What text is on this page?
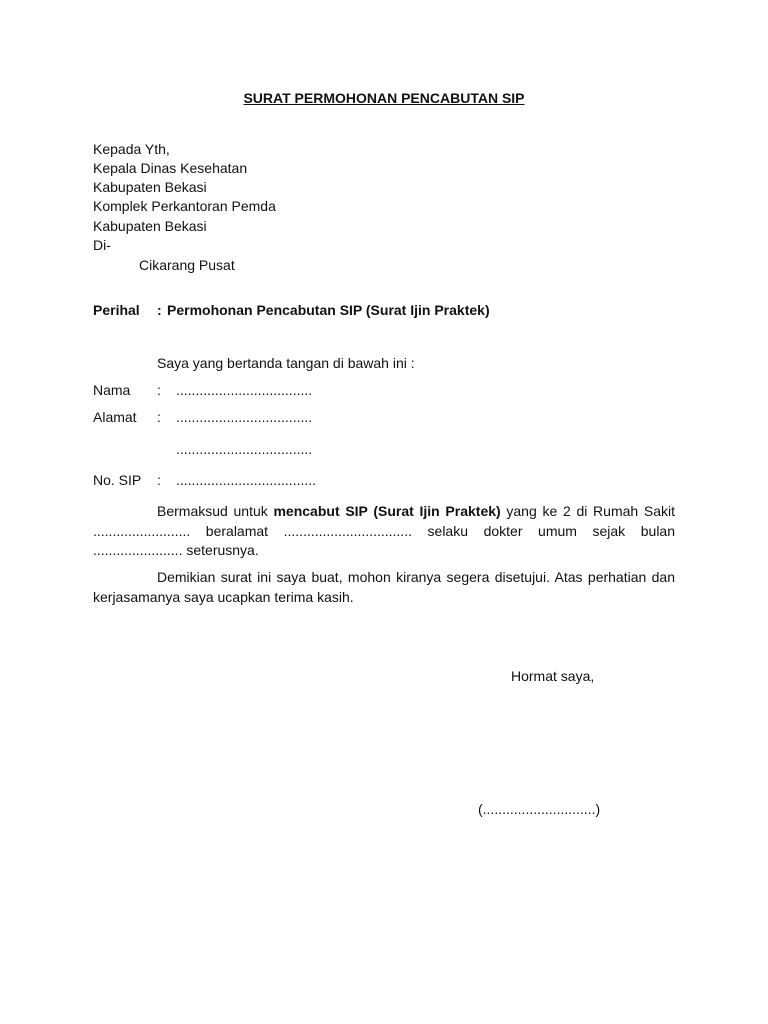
SURAT PERMOHONAN PENCABUTAN SIP
Kepada Yth,
Kepala Dinas Kesehatan
Kabupaten Bekasi
Komplek Perkantoran Pemda
Kabupaten Bekasi
Di-
Cikarang Pusat
Perihal : Permohonan Pencabutan SIP (Surat Ijin Praktek)
Saya yang bertanda tangan di bawah ini :
Nama : ...................................
Alamat : ...................................
...................................
No. SIP : ....................................
Bermaksud untuk mencabut SIP (Surat Ijin Praktek) yang ke 2 di Rumah Sakit ......................... beralamat ................................. selaku dokter umum sejak bulan ....................... seterusnya.
Demikian surat ini saya buat, mohon kiranya segera disetujui. Atas perhatian dan kerjasamanya saya ucapkan terima kasih.
Hormat saya,
(.............................)
